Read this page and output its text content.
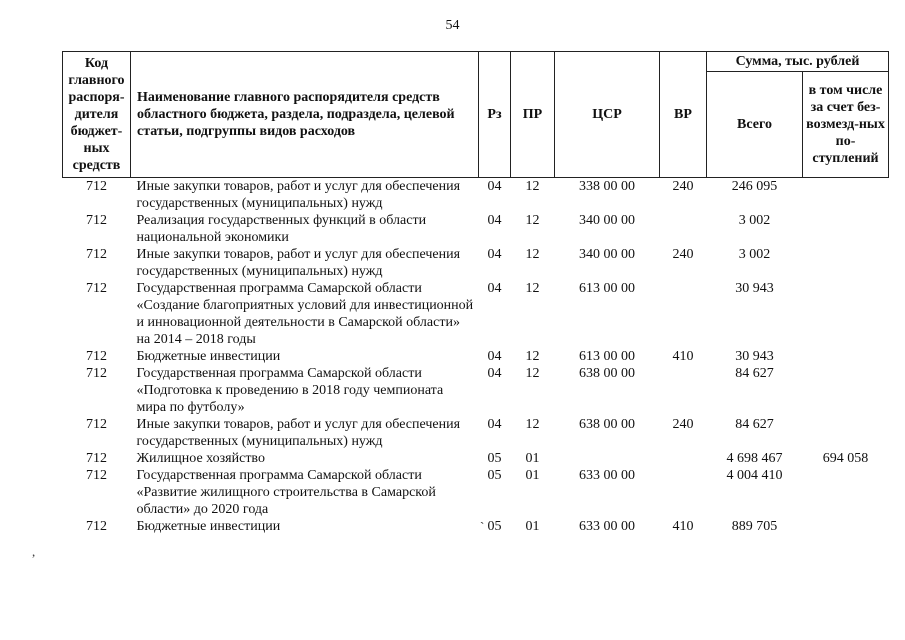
54
Код главного распоря-дителя бюджет-ных средств	Наименование главного распорядителя средств областного бюджета, раздела, подраздела, целевой статьи, подгруппы видов расходов	Рз	ПР	ЦСР	ВР	Сумма, тыс. рублей	
						Всего	в том числе за счет без-возмезд-ных по-ступлений
712	Иные закупки товаров, работ и услуг для обеспечения государственных (муниципальных) нужд	04	12	338 00 00	240	246 095	
712	Реализация государственных функций в области национальной экономики	04	12	340 00 00		3 002	
712	Иные закупки товаров, работ и услуг для обеспечения государственных (муниципальных) нужд	04	12	340 00 00	240	3 002	
712	Государственная программа Самарской области «Создание благоприятных условий для инвестиционной и инновационной деятельности в Самарской области» на 2014 – 2018 годы	04	12	613 00 00		30 943	
712	Бюджетные инвестиции	04	12	613 00 00	410	30 943	
712	Государственная программа Самарской области «Подготовка к проведению в 2018 году чемпионата мира по футболу»	04	12	638 00 00		84 627	
712	Иные закупки товаров, работ и услуг для обеспечения государственных (муниципальных) нужд	04	12	638 00 00	240	84 627	
712	Жилищное хозяйство	05	01			4 698 467	694 058
712	Государственная программа Самарской области «Развитие жилищного строительства в Самарской области» до 2020 года	05	01	633 00 00		4 004 410	
712	Бюджетные инвестиции	05	01	633 00 00	410	889 705	
,
`
